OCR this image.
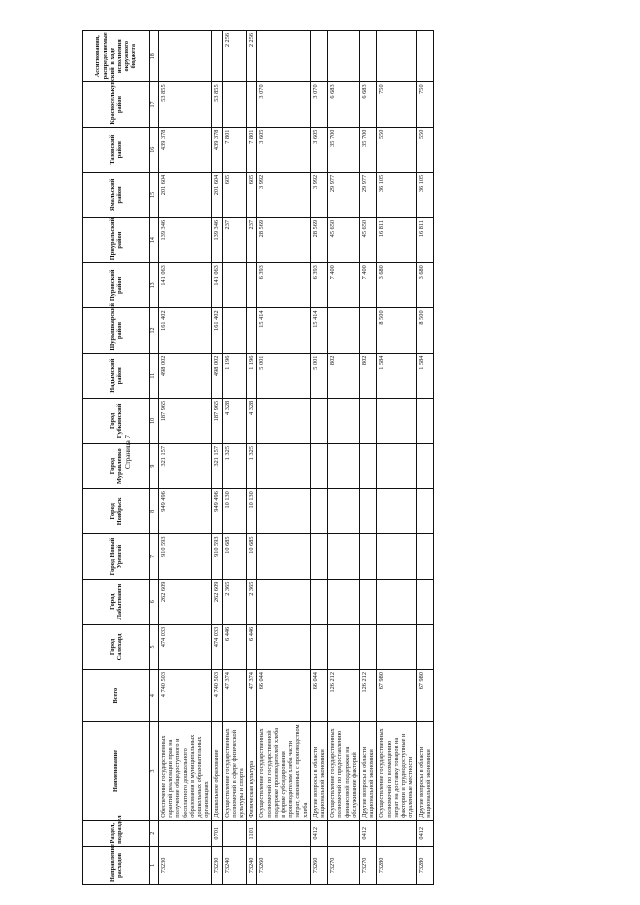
Страница 7
Направление расходов	Раздел, подраздел	Наименование	Всего	Город Салехард	Город Лабытнанги	Город Новый Уренгой	Город Ноябрьск	Город Муравленко	Город Губкинский	Надымский район	Шурышкарский район	Пуровский район	Приуральский район	Ямальский район	Тазовский район	Красноселькупский район	Ассигнования, распределяемые в ходе исполнения окружного бюджета
1	2	3	4	5	6	7	8	9	10	11	12	13	14	15	16	17	18
73230		Обеспечение государственных гарантий реализации прав на получение общедоступного и бесплатного дошкольного образования в муниципальных дошкольных образовательных организациях	4 740 503	474 033	262 609	910 593	949 496	321 157	187 965	498 002	161 402	141 063	139 346	201 604	439 378	53 855	
73230	0701	Дошкольное образование	4 740 503	474 033	262 609	910 593	949 496	321 157	187 965	498 002	161 402	141 063	139 346	201 604	439 378	53 855	
73240		Осуществление государственных полномочий в сфере физической культуры и спорта	47 374	6 446	2 365	10 685	10 130	1 325	4 328	1 196			237	605	7 801		2 256
73240	1101	Физическая культура	47 374	6 446	2 365	10 685	10 130	1 325	4 328	1 196			237	605	7 801		2 256
73260		Осуществление государственных полномочий по государственной поддержке производителей хлеба в форме субсидирования производителям хлеба части затрат, связанных с производством хлеба	66 044							5 001	15 414	6 393	28 569	3 992	3 605	3 070	
73260	0412	Другие вопросы в области национальной экономики	66 044							5 001	15 414	6 393	28 569	3 992	3 605	3 070	
73270		Осуществление государственных полномочий по предоставлению финансовой поддержки на обслуживание факторий	126 212							802		7 400	45 650	29 977	35 700	6 683	
73270	0412	Другие вопросы в области национальной экономики	126 212							802		7 400	45 650	29 977	35 700	6 683	
73280		Осуществление государственных полномочий по возмещению затрат на доставку товаров на фактории и труднодоступные и отдаленные местности	67 980							1 584	8 500	3 680	16 811	36 105	550	750	
73280	0412	Другие вопросы в области национальной экономики	67 980							1 584	8 500	3 680	16 811	36 105	550	750	
